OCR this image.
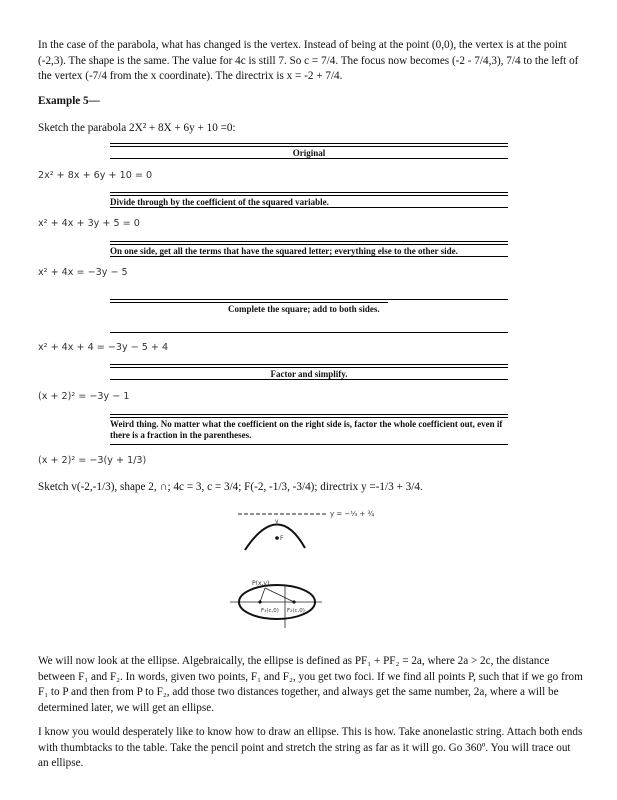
In the case of the parabola, what has changed is the vertex. Instead of being at the point (0,0), the vertex is at the point (-2,3). The shape is the same. The value for 4c is still 7. So c = 7/4. The focus now becomes (-2 - 7/4,3), 7/4 to the left of the vertex (-7/4 from the x coordinate). The directrix is x = -2 + 7/4.
Example 5—
Sketch the parabola 2X² + 8X + 6y + 10 =0:
Original
2x² + 8x + 6y + 10 = 0
Divide through by the coefficient of the squared variable.
x² + 4x + 3y + 5 = 0
On one side, get all the terms that have the squared letter; everything else to the other side.
x² + 4x = −3y − 5
Complete the square; add to both sides.
x² + 4x + 4 = −3y − 5 + 4
Factor and simplify.
(x + 2)² = −3y − 1
Weird thing. No matter what the coefficient on the right side is, factor the whole coefficient out, even if there is a fraction in the parentheses.
(x + 2)² = −3(y + 1/3)
Sketch v(-2,-1/3), shape 2, ∩; 4c = 3, c = 3/4; F(-2, -1/3, -3/4); directrix y =-1/3 + 3/4.
y = −⅓ + ¾
v
F
P(x,y)
F₁(c,0) F₂(c,0)
We will now look at the ellipse. Algebraically, the ellipse is defined as PF₁ + PF₂ = 2a, where 2a > 2c, the distance between F₁ and F₂. In words, given two points, F₁ and F₂, you get two foci. If we find all points P, such that if we go from F₁ to P and then from P to F₂, add those two distances together, and always get the same number, 2a, where a will be determined later, we will get an ellipse.
I know you would desperately like to know how to draw an ellipse. This is how. Take anonelastic string. Attach both ends with thumbtacks to the table. Take the pencil point and stretch the string as far as it will go. Go 360º. You will trace out an ellipse.
